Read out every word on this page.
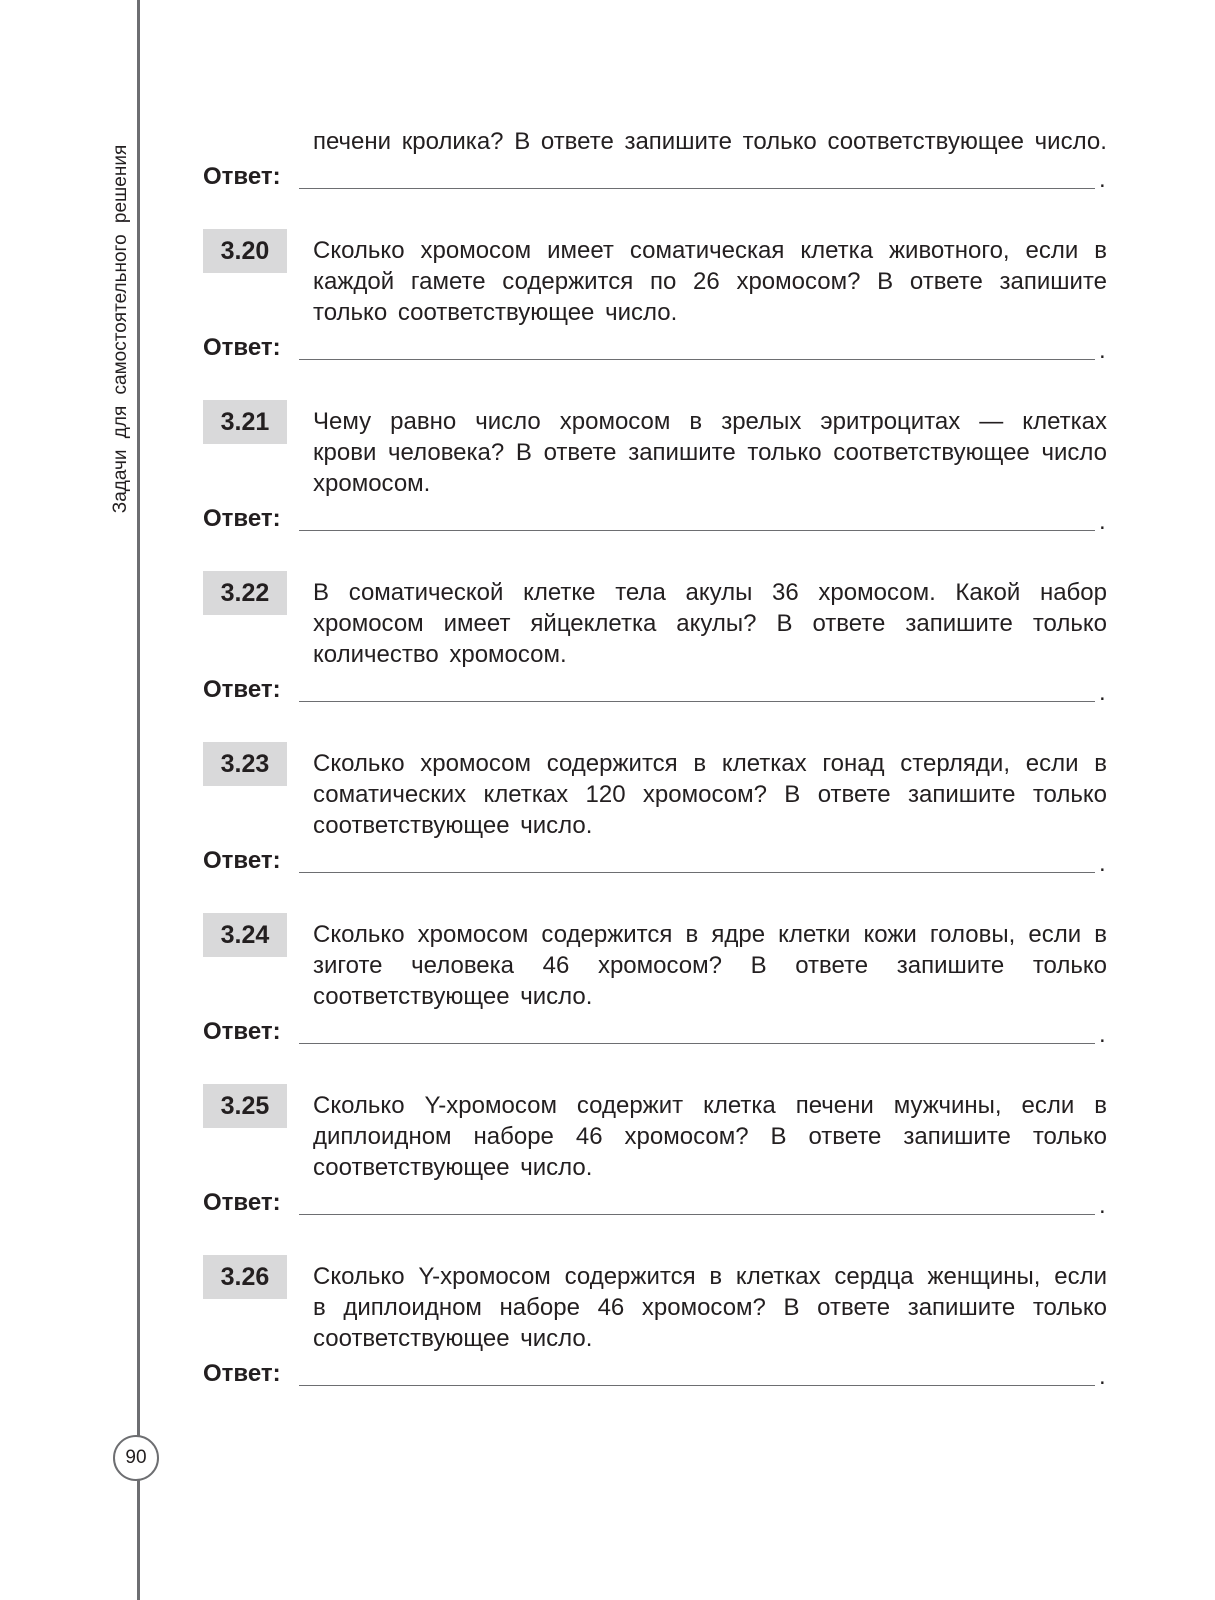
Задачи для самостоятельного решения
90
печени кролика? В ответе запишите только соответствующее число.
Ответ:	.
3.20	Сколько хромосом имеет соматическая клетка животного, если в каждой гамете содержится по 26 хромосом? В ответе запишите только соответствующее число.
Ответ:	.
3.21	Чему равно число хромосом в зрелых эритроцитах — клетках крови человека? В ответе запишите только соответствующее число хромосом.
Ответ:	.
3.22	В соматической клетке тела акулы 36 хромосом. Какой набор хромосом имеет яйцеклетка акулы? В ответе запишите только количество хромосом.
Ответ:	.
3.23	Сколько хромосом содержится в клетках гонад стерляди, если в соматических клетках 120 хромосом? В ответе запишите только соответствующее число.
Ответ:	.
3.24	Сколько хромосом содержится в ядре клетки кожи головы, если в зиготе человека 46 хромосом? В ответе запишите только соответствующее число.
Ответ:	.
3.25	Сколько Y-хромосом содержит клетка печени мужчины, если в диплоидном наборе 46 хромосом? В ответе запишите только соответствующее число.
Ответ:	.
3.26	Сколько Y-хромосом содержится в клетках сердца женщины, если в диплоидном наборе 46 хромосом? В ответе запишите только соответствующее число.
Ответ:	.
